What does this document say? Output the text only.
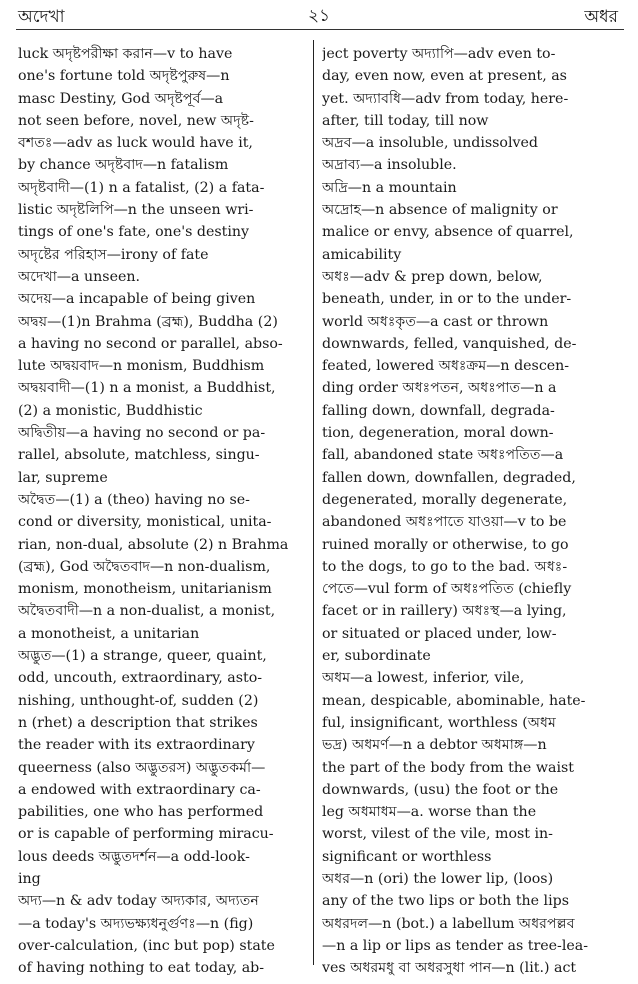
অদেখা	২১	অধর
luck অদৃষ্টপরীক্ষা করান—v to have
one's fortune told অদৃষ্টপুরুষ—n
masc Destiny, God অদৃষ্টপূর্ব—a
not seen before, novel, new অদৃষ্ট-
বশতঃ—adv as luck would have it,
by chance অদৃষ্টবাদ—n fatalism
অদৃষ্টবাদী—(1) n a fatalist, (2) a fata-
listic অদৃষ্টলিপি—n the unseen wri-
tings of one's fate, one's destiny
অদৃষ্টের পরিহাস—irony of fate
অদেখা—a unseen.
অদেয়—a incapable of being given
অদ্বয়—(1)n Brahma (ব্রহ্ম), Buddha (2)
a having no second or parallel, abso-
lute অদ্বয়বাদ—n monism, Buddhism
অদ্বয়বাদী—(1) n a monist, a Buddhist,
(2) a monistic, Buddhistic
অদ্বিতীয়—a having no second or pa-
rallel, absolute, matchless, singu-
lar, supreme
অদ্বৈত—(1) a (theo) having no se-
cond or diversity, monistical, unita-
rian, non-dual, absolute (2) n Brahma
(ব্রহ্ম), God অদ্বৈতবাদ—n non-dualism,
monism, monotheism, unitarianism
অদ্বৈতবাদী—n a non-dualist, a monist,
a monotheist, a unitarian
অদ্ভুত—(1) a strange, queer, quaint,
odd, uncouth, extraordinary, asto-
nishing, unthought-of, sudden (2)
n (rhet) a description that strikes
the reader with its extraordinary
queerness (also অদ্ভুতরস) অদ্ভুতকর্মা—
a endowed with extraordinary ca-
pabilities, one who has performed
or is capable of performing miracu-
lous deeds অদ্ভুতদর্শন—a odd-look-
ing
অদ্য—n & adv today অদ্যকার, অদ্যতন
—a today's অদ্যভক্ষ্যধনুর্গুণঃ—n (fig)
over-calculation, (inc but pop) state
of having nothing to eat today, ab-
ject poverty অদ্যাপি—adv even to-
day, even now, even at present, as
yet. অদ্যাবধি—adv from today, here-
after, till today, till now
অদ্রব—a insoluble, undissolved
অদ্রাব্য—a insoluble.
অদ্রি—n a mountain
অদ্রোহ—n absence of malignity or
malice or envy, absence of quarrel,
amicability
অধঃ—adv & prep down, below,
beneath, under, in or to the under-
world অধঃকৃত—a cast or thrown
downwards, felled, vanquished, de-
feated, lowered অধঃক্রম—n descen-
ding order অধঃপতন, অধঃপাত—n a
falling down, downfall, degrada-
tion, degeneration, moral down-
fall, abandoned state অধঃপতিত—a
fallen down, downfallen, degraded,
degenerated, morally degenerate,
abandoned অধঃপাতে যাওয়া—v to be
ruined morally or otherwise, to go
to the dogs, to go to the bad. অধঃ-
পেতে—vul form of অধঃপতিত (chiefly
facet or in raillery) অধঃস্থ—a lying,
or situated or placed under, low-
er, subordinate
অধম—a lowest, inferior, vile,
mean, despicable, abominable, hate-
ful, insignificant, worthless (অধম
ভদ্র) অধমর্ণ—n a debtor অধমাঙ্গ—n
the part of the body from the waist
downwards, (usu) the foot or the
leg অধমাধম—a. worse than the
worst, vilest of the vile, most in-
significant or worthless
অধর—n (ori) the lower lip, (loos)
any of the two lips or both the lips
অধরদল—n (bot.) a labellum অধরপল্লব
—n a lip or lips as tender as tree-lea-
ves অধরমধু বা অধরসুধা পান—n (lit.) act
